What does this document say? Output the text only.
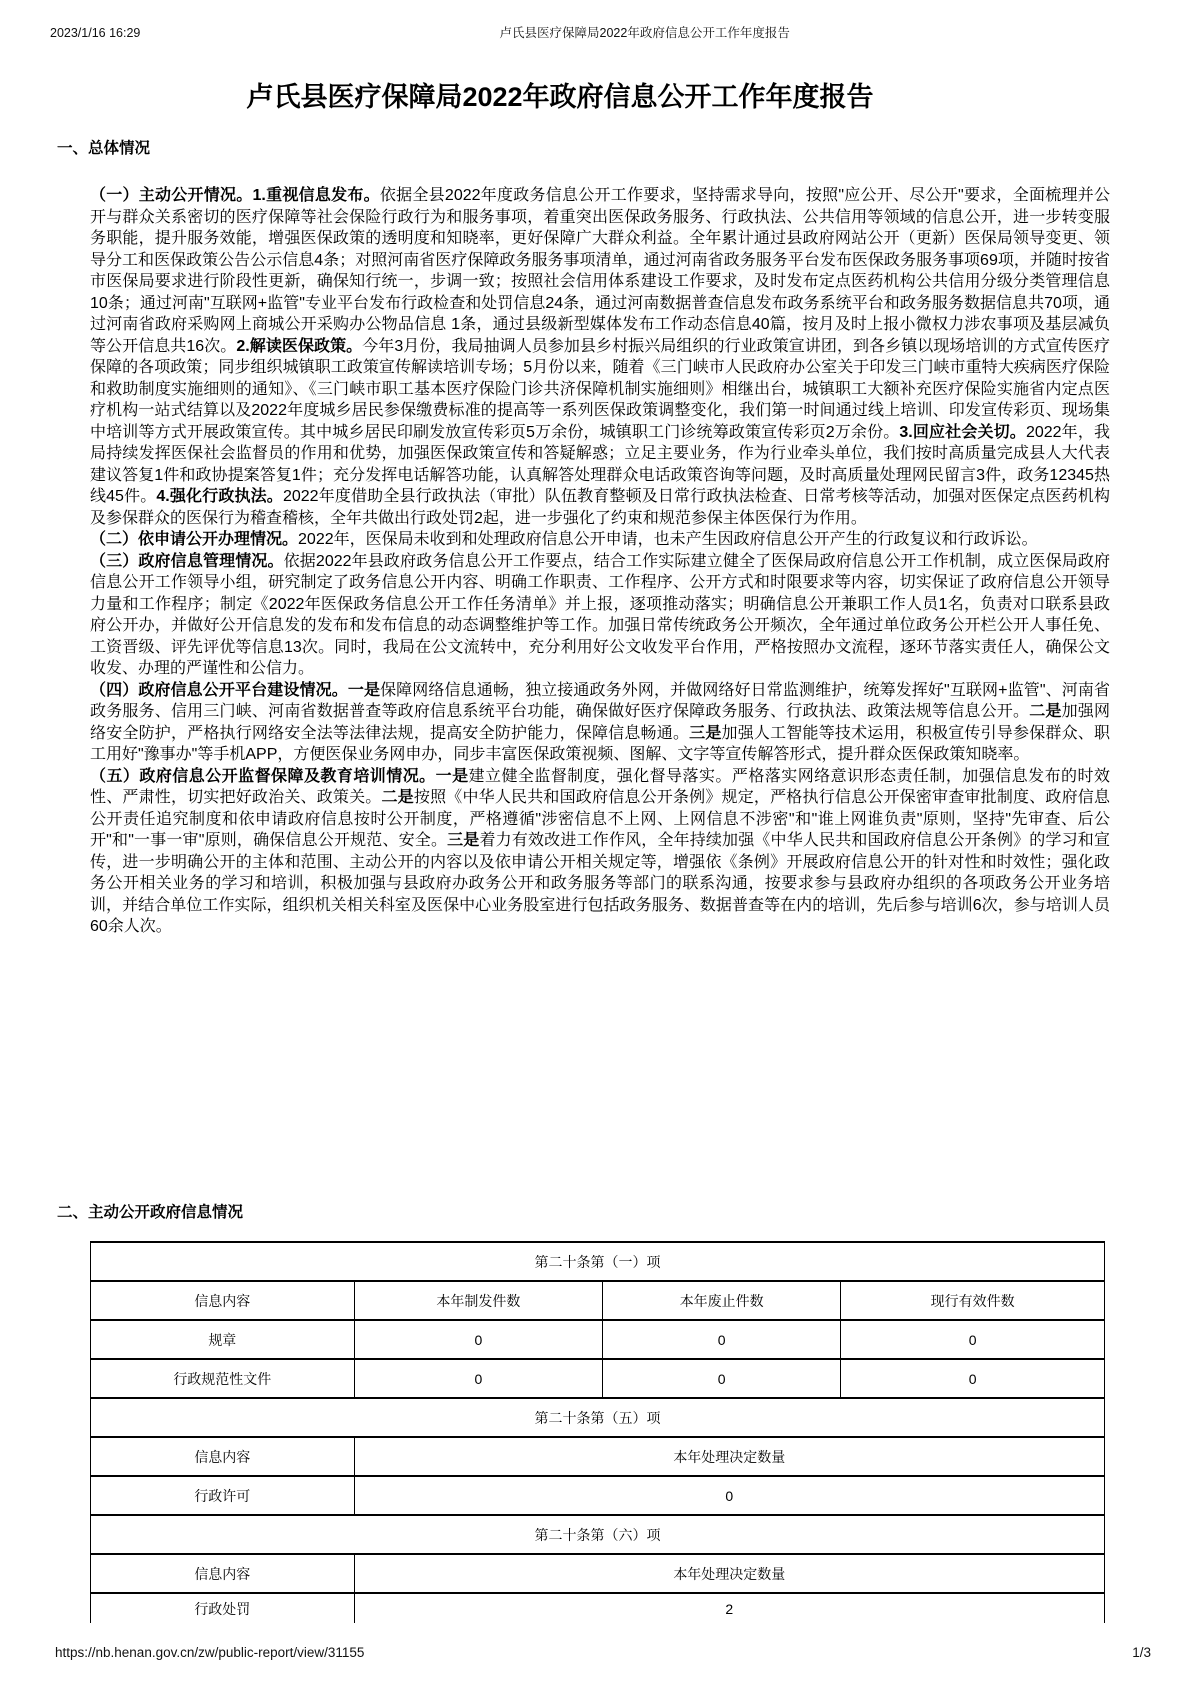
2023/1/16 16:29	卢氏县医疗保障局2022年政府信息公开工作年度报告
卢氏县医疗保障局2022年政府信息公开工作年度报告
一、总体情况

（一）主动公开情况。1.重视信息发布。依据全县2022年度政务信息公开工作要求，坚持需求导向，按照"应公开、尽公开"要求，全面梳理并公开与群众关系密切的医疗保障等社会保险行政行为和服务事项，着重突出医保政务服务、行政执法、公共信用等领域的信息公开，进一步转变服务职能，提升服务效能，增强医保政策的透明度和知晓率，更好保障广大群众利益。全年累计通过县政府网站公开（更新）医保局领导变更、领导分工和医保政策公告公示信息4条；对照河南省医疗保障政务服务事项清单，通过河南省政务服务平台发布医保政务服务事项69项，并随时按省市医保局要求进行阶段性更新，确保知行统一，步调一致；按照社会信用体系建设工作要求，及时发布定点医药机构公共信用分级分类管理信息10条；通过河南"互联网+监管"专业平台发布行政检查和处罚信息24条，通过河南数据普查信息发布政务系统平台和政务服务数据信息共70项，通过河南省政府采购网上商城公开采购办公物品信息 1条，通过县级新型媒体发布工作动态信息40篇，按月及时上报小微权力涉农事项及基层减负等公开信息共16次。2.解读医保政策。今年3月份，我局抽调人员参加县乡村振兴局组织的行业政策宣讲团，到各乡镇以现场培训的方式宣传医疗保障的各项政策；同步组织城镇职工政策宣传解读培训专场；5月份以来，随着《三门峡市人民政府办公室关于印发三门峡市重特大疾病医疗保险和救助制度实施细则的通知》、《三门峡市职工基本医疗保险门诊共济保障机制实施细则》相继出台，城镇职工大额补充医疗保险实施省内定点医疗机构一站式结算以及2022年度城乡居民参保缴费标准的提高等一系列医保政策调整变化，我们第一时间通过线上培训、印发宣传彩页、现场集中培训等方式开展政策宣传。其中城乡居民印刷发放宣传彩页5万余份，城镇职工门诊统筹政策宣传彩页2万余份。3.回应社会关切。2022年，我局持续发挥医保社会监督员的作用和优势，加强医保政策宣传和答疑解惑；立足主要业务，作为行业牵头单位，我们按时高质量完成县人大代表建议答复1件和政协提案答复1件；充分发挥电话解答功能，认真解答处理群众电话政策咨询等问题，及时高质量处理网民留言3件，政务12345热线45件。4.强化行政执法。2022年度借助全县行政执法（审批）队伍教育整顿及日常行政执法检查、日常考核等活动，加强对医保定点医药机构及参保群众的医保行为稽查稽核，全年共做出行政处罚2起，进一步强化了约束和规范参保主体医保行为作用。

（二）依申请公开办理情况。2022年，医保局未收到和处理政府信息公开申请，也未产生因政府信息公开产生的行政复议和行政诉讼。

（三）政府信息管理情况。依据2022年县政府政务信息公开工作要点，结合工作实际建立健全了医保局政府信息公开工作机制，成立医保局政府信息公开工作领导小组，研究制定了政务信息公开内容、明确工作职责、工作程序、公开方式和时限要求等内容，切实保证了政府信息公开领导力量和工作程序；制定《2022年医保政务信息公开工作任务清单》并上报，逐项推动落实；明确信息公开兼职工作人员1名，负责对口联系县政府公开办，并做好公开信息发的发布和发布信息的动态调整维护等工作。加强日常传统政务公开频次，全年通过单位政务公开栏公开人事任免、工资晋级、评先评优等信息13次。同时，我局在公文流转中，充分利用好公文收发平台作用，严格按照办文流程，逐环节落实责任人，确保公文收发、办理的严谨性和公信力。

（四）政府信息公开平台建设情况。一是保障网络信息通畅，独立接通政务外网，并做网络好日常监测维护，统筹发挥好"互联网+监管"、河南省政务服务、信用三门峡、河南省数据普查等政府信息系统平台功能，确保做好医疗保障政务服务、行政执法、政策法规等信息公开。二是加强网络安全防护，严格执行网络安全法等法律法规，提高安全防护能力，保障信息畅通。三是加强人工智能等技术运用，积极宣传引导参保群众、职工用好"豫事办"等手机APP，方便医保业务网申办，同步丰富医保政策视频、图解、文字等宣传解答形式，提升群众医保政策知晓率。

（五）政府信息公开监督保障及教育培训情况。一是建立健全监督制度，强化督导落实。严格落实网络意识形态责任制，加强信息发布的时效性、严肃性，切实把好政治关、政策关。二是按照《中华人民共和国政府信息公开条例》规定，严格执行信息公开保密审查审批制度、政府信息公开责任追究制度和依申请政府信息按时公开制度，严格遵循"涉密信息不上网、上网信息不涉密"和"谁上网谁负责"原则，坚持"先审查、后公开"和"一事一审"原则，确保信息公开规范、安全。三是着力有效改进工作作风，全年持续加强《中华人民共和国政府信息公开条例》的学习和宣传，进一步明确公开的主体和范围、主动公开的内容以及依申请公开相关规定等，增强依《条例》开展政府信息公开的针对性和时效性；强化政务公开相关业务的学习和培训，积极加强与县政府办政务公开和政务服务等部门的联系沟通，按要求参与县政府办组织的各项政务公开业务培训，并结合单位工作实际，组织机关相关科室及医保中心业务股室进行包括政务服务、数据普查等在内的培训，先后参与培训6次，参与培训人员60余人次。

二、主动公开政府信息情况
第二十条第（一）项			
信息内容	本年制发件数	本年废止件数	现行有效件数
规章	0	0	0
行政规范性文件	0	0	0
第二十条第（五）项			
信息内容	本年处理决定数量		
行政许可	0		
第二十条第（六）项			
信息内容	本年处理决定数量		
行政处罚	2		
https://nb.henan.gov.cn/zw/public-report/view/31155	1/3
